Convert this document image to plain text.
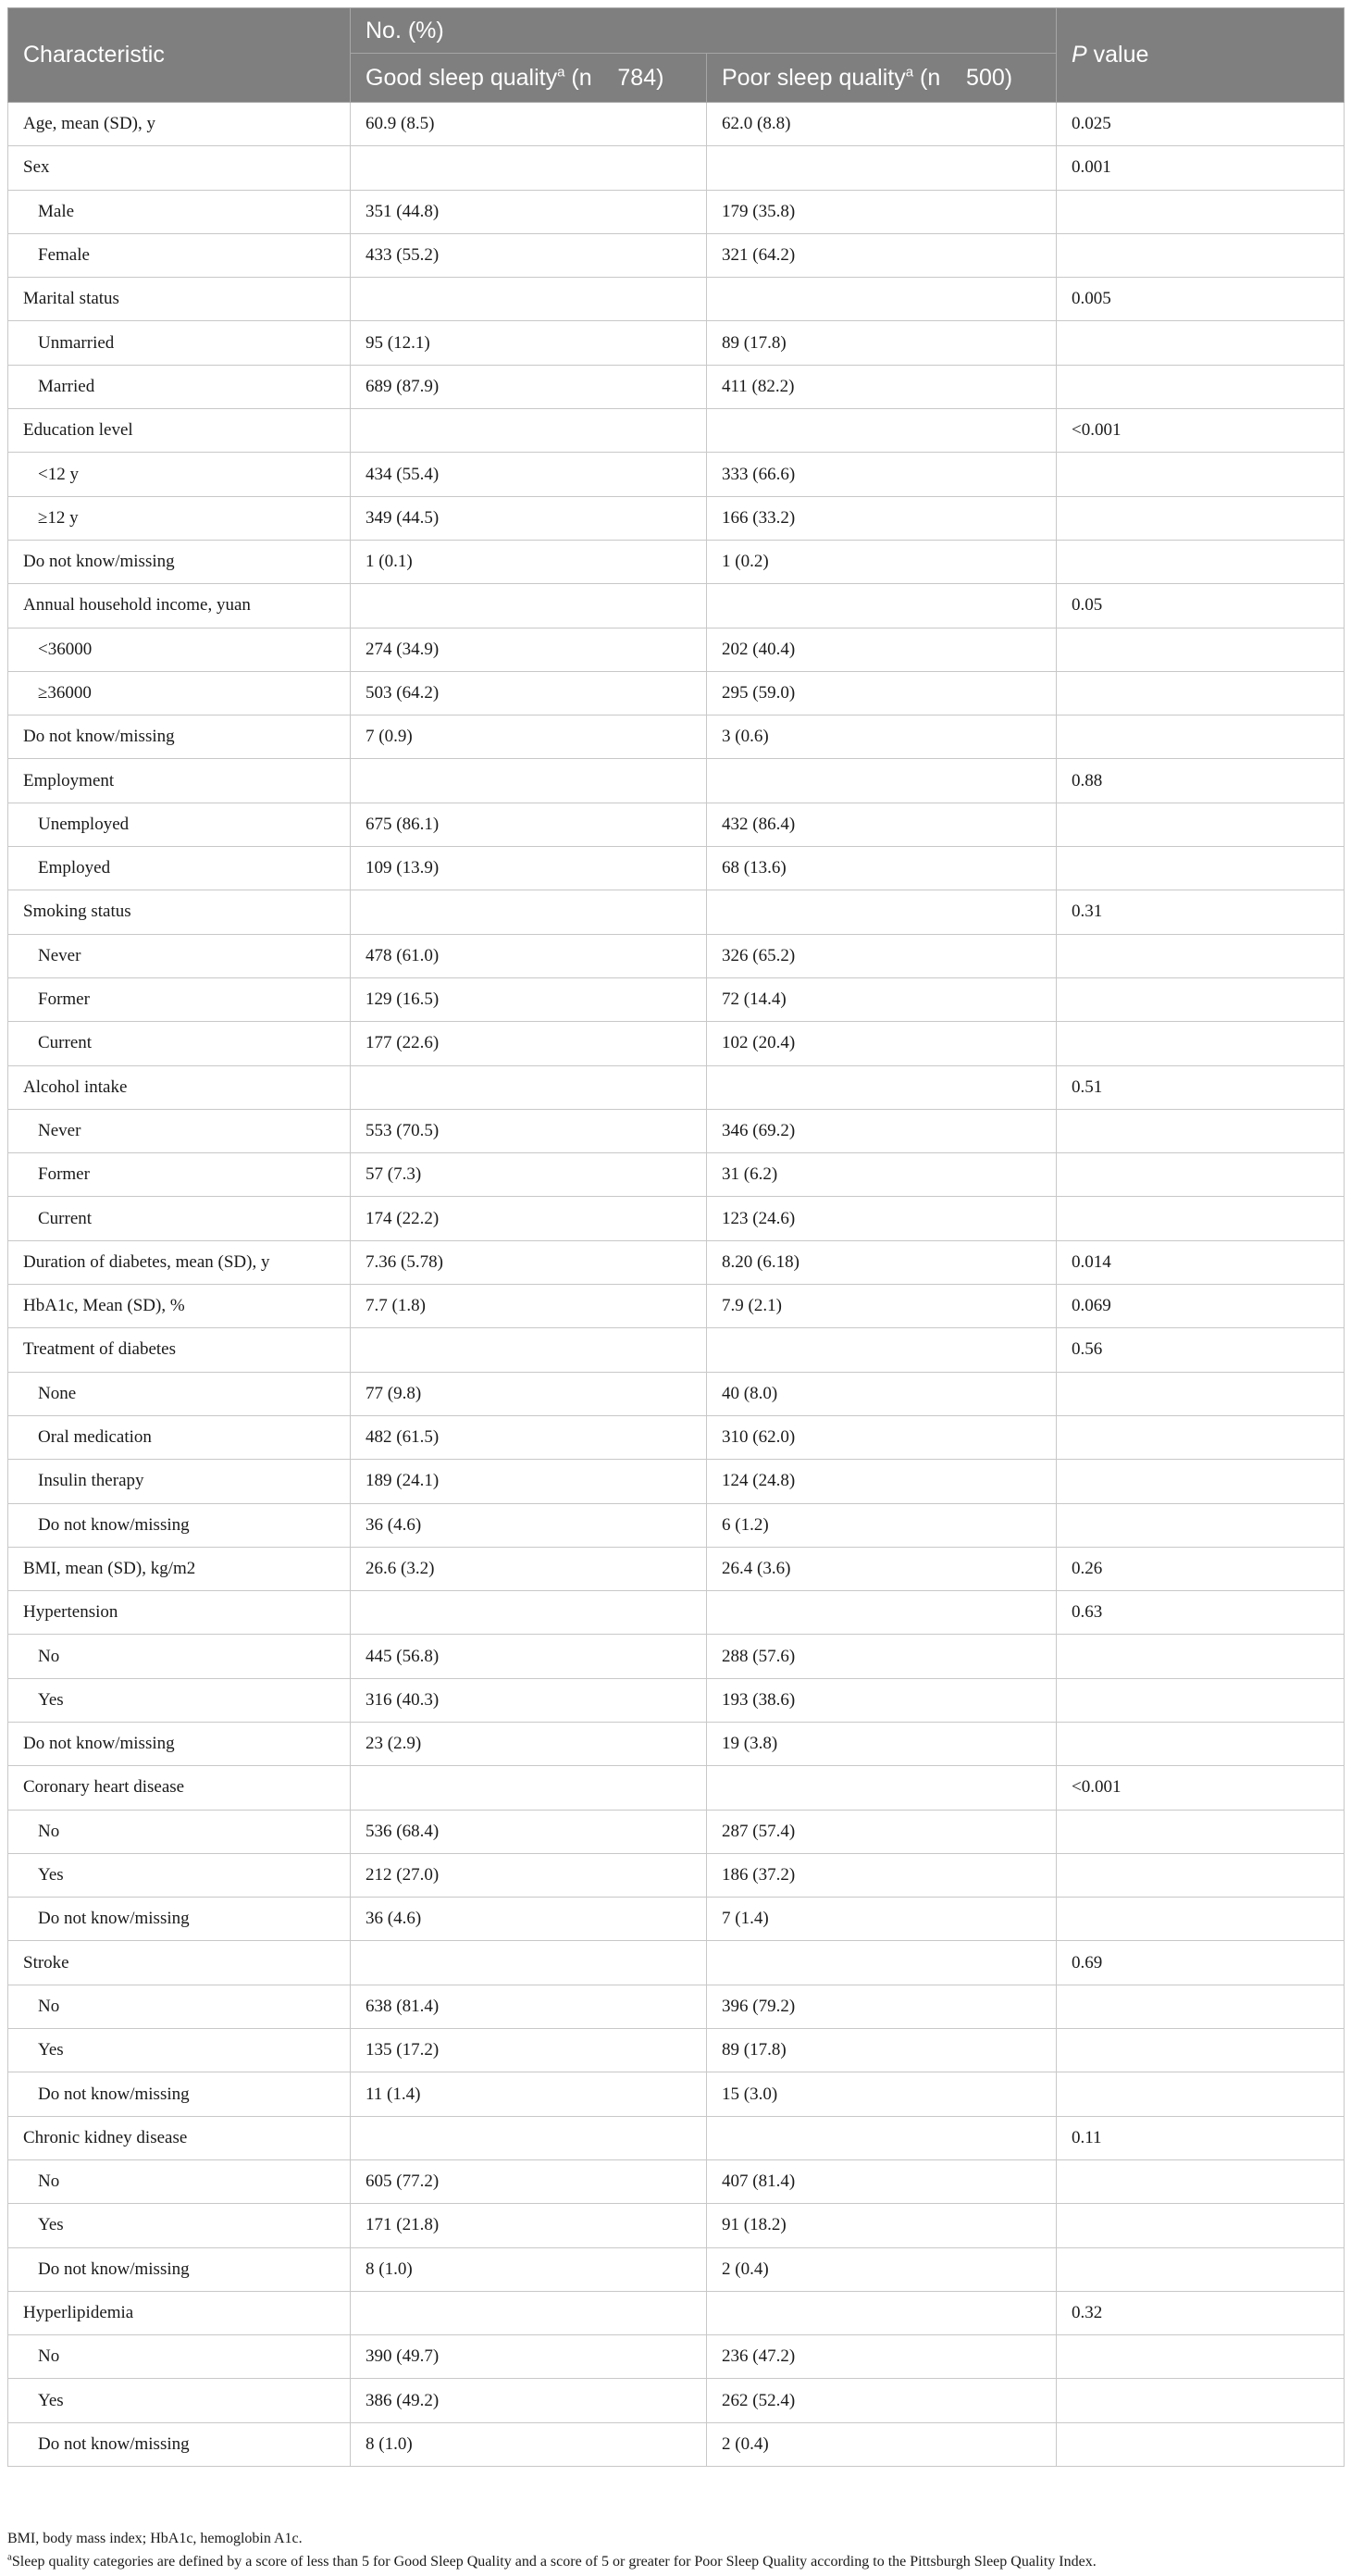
Characteristic	No. (%)		P value
	Good sleep quality$^a$ (n    784)	Poor sleep quality$^a$ (n    500)	
Age, mean (SD), y	60.9 (8.5)	62.0 (8.8)	0.025
Sex			0.001
Male	351 (44.8)	179 (35.8)	
Female	433 (55.2)	321 (64.2)	
Marital status			0.005
Unmarried	95 (12.1)	89 (17.8)	
Married	689 (87.9)	411 (82.2)	
Education level			<0.001
<12 y	434 (55.4)	333 (66.6)	
≥12 y	349 (44.5)	166 (33.2)	
Do not know/missing	1 (0.1)	1 (0.2)	
Annual household income, yuan			0.05
<36000	274 (34.9)	202 (40.4)	
≥36000	503 (64.2)	295 (59.0)	
Do not know/missing	7 (0.9)	3 (0.6)	
Employment			0.88
Unemployed	675 (86.1)	432 (86.4)	
Employed	109 (13.9)	68 (13.6)	
Smoking status			0.31
Never	478 (61.0)	326 (65.2)	
Former	129 (16.5)	72 (14.4)	
Current	177 (22.6)	102 (20.4)	
Alcohol intake			0.51
Never	553 (70.5)	346 (69.2)	
Former	57 (7.3)	31 (6.2)	
Current	174 (22.2)	123 (24.6)	
Duration of diabetes, mean (SD), y	7.36 (5.78)	8.20 (6.18)	0.014
HbA1c, Mean (SD), %	7.7 (1.8)	7.9 (2.1)	0.069
Treatment of diabetes			0.56
None	77 (9.8)	40 (8.0)	
Oral medication	482 (61.5)	310 (62.0)	
Insulin therapy	189 (24.1)	124 (24.8)	
Do not know/missing	36 (4.6)	6 (1.2)	
BMI, mean (SD), kg/m2	26.6 (3.2)	26.4 (3.6)	0.26
Hypertension			0.63
No	445 (56.8)	288 (57.6)	
Yes	316 (40.3)	193 (38.6)	
Do not know/missing	23 (2.9)	19 (3.8)	
Coronary heart disease			<0.001
No	536 (68.4)	287 (57.4)	
Yes	212 (27.0)	186 (37.2)	
Do not know/missing	36 (4.6)	7 (1.4)	
Stroke			0.69
No	638 (81.4)	396 (79.2)	
Yes	135 (17.2)	89 (17.8)	
Do not know/missing	11 (1.4)	15 (3.0)	
Chronic kidney disease			0.11
No	605 (77.2)	407 (81.4)	
Yes	171 (21.8)	91 (18.2)	
Do not know/missing	8 (1.0)	2 (0.4)	
Hyperlipidemia			0.32
No	390 (49.7)	236 (47.2)	
Yes	386 (49.2)	262 (52.4)	
Do not know/missing	8 (1.0)	2 (0.4)	
BMI, body mass index; HbA1c, hemoglobin A1c.
$^a$Sleep quality categories are defined by a score of less than 5 for Good Sleep Quality and a score of 5 or greater for Poor Sleep Quality according to the Pittsburgh Sleep Quality Index.
